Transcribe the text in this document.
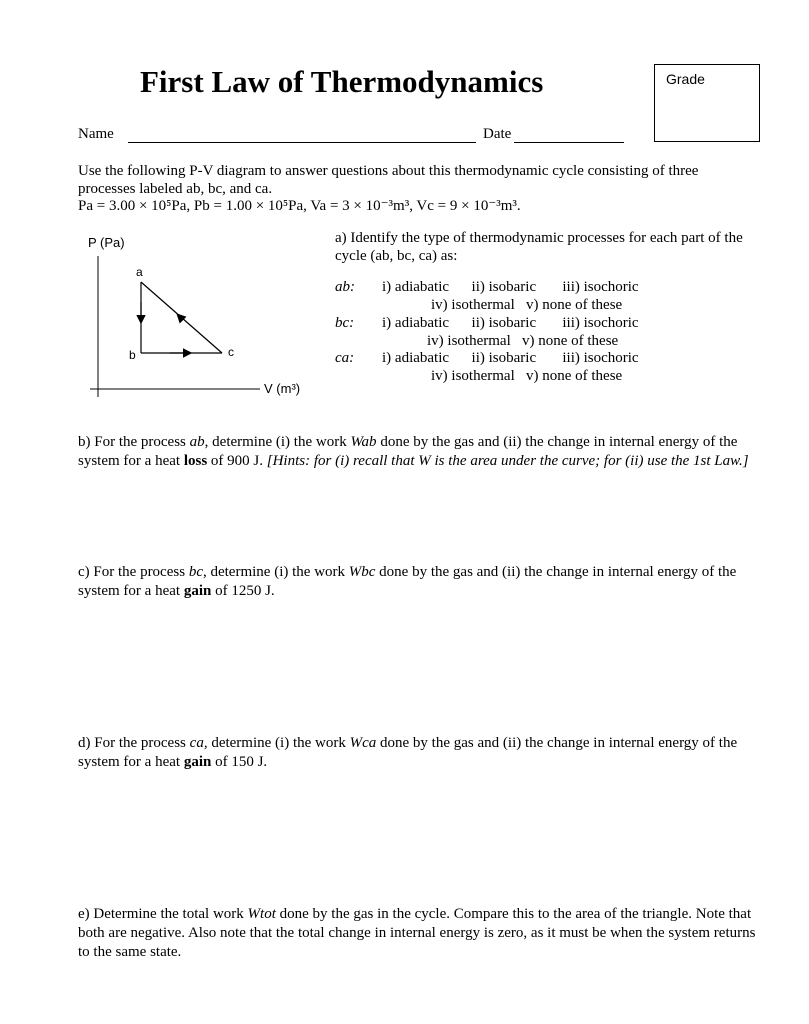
First Law of Thermodynamics	Grade
Name	Date
Use the following P-V diagram to answer questions about this thermodynamic cycle consisting of three processes labeled ab, bc, and ca.
Pa = 3.00 × 10⁵Pa, Pb = 1.00 × 10⁵Pa, Va = 3 × 10⁻³m³, Vc = 9 × 10⁻³m³.
P (Pa)
V (m³)
a
b	c
a) Identify the type of thermodynamic processes for each part of the cycle (ab, bc, ca) as:
ab: i) adiabatic      ii) isobaric       iii) isochoric
iv) isothermal   v) none of these
bc: i) adiabatic      ii) isobaric       iii) isochoric
iv) isothermal   v) none of these
ca: i) adiabatic      ii) isobaric       iii) isochoric
iv) isothermal   v) none of these
b) For the process ab, determine (i) the work Wab done by the gas and (ii) the change in internal energy of the system for a heat loss of 900 J. [Hints: for (i) recall that W is the area under the curve; for (ii) use the 1st Law.]
c) For the process bc, determine (i) the work Wbc done by the gas and (ii) the change in internal energy of the system for a heat gain of 1250 J.
d) For the process ca, determine (i) the work Wca done by the gas and (ii) the change in internal energy of the system for a heat gain of 150 J.
e) Determine the total work Wtot done by the gas in the cycle. Compare this to the area of the triangle. Note that both are negative. Also note that the total change in internal energy is zero, as it must be when the system returns to the same state.
